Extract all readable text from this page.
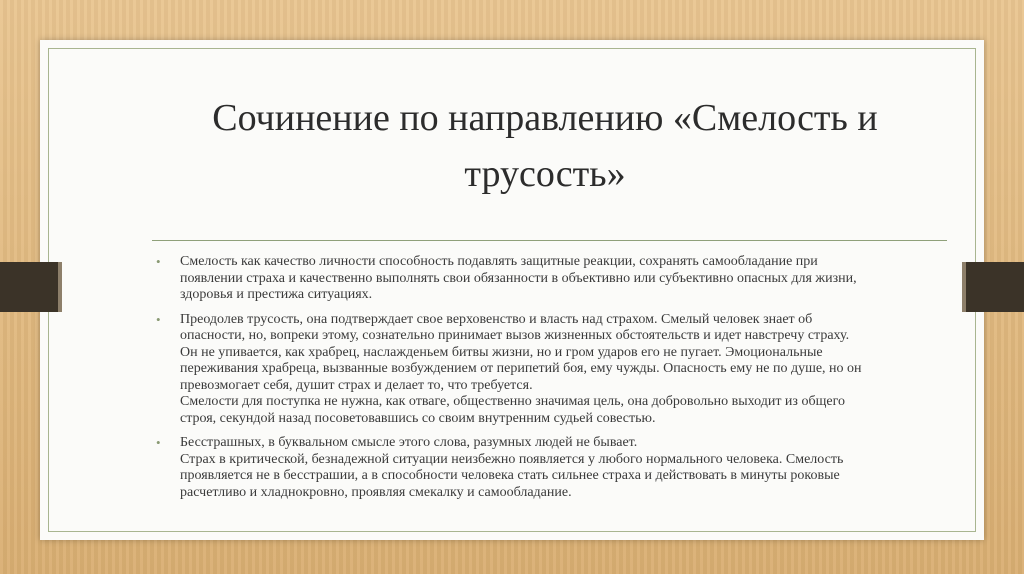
Сочинение по направлению «Смелость и
трусость»
• Смелость как качество личности способность подавлять защитные реакции, сохранять самообладание при
появлении страха и качественно выполнять свои обязанности в объективно или субъективно опасных для жизни,
здоровья и престижа ситуациях.
• Преодолев трусость, она подтверждает свое верховенство и власть над страхом. Смелый человек знает об
опасности, но, вопреки этому, сознательно принимает вызов жизненных обстоятельств и идет навстречу страху.
Он не упивается, как храбрец, наслажденьем битвы жизни, но и гром ударов его не пугает. Эмоциональные
переживания храбреца, вызванные возбуждением от перипетий боя, ему чужды. Опасность ему не по душе, но он
превозмогает себя, душит страх и делает то, что требуется.
Смелости для поступка не нужна, как отваге, общественно значимая цель, она добровольно выходит из общего
строя, секундой назад посоветовавшись со своим внутренним судьей совестью.
• Бесстрашных, в буквальном смысле этого слова, разумных людей не бывает.
Страх в критической, безнадежной ситуации неизбежно появляется у любого нормального человека. Смелость
проявляется не в бесстрашии, а в способности человека стать сильнее страха и действовать в минуты роковые
расчетливо и хладнокровно, проявляя смекалку и самообладание.
